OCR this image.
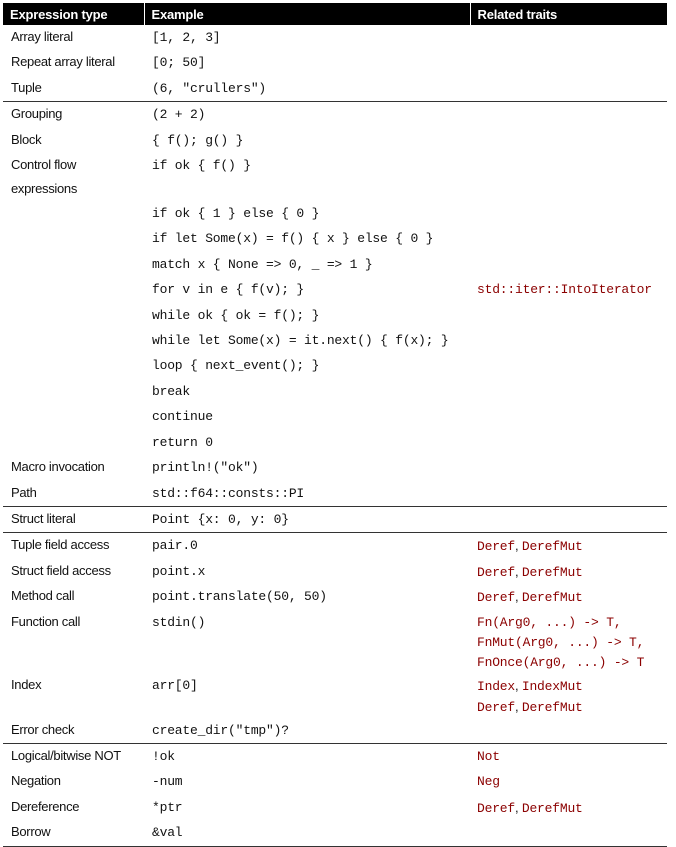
Expression type	Example	Related traits
Array literal	[1, 2, 3]	
Repeat array literal	[0; 50]	
Tuple	(6, "crullers")	
Grouping	(2 + 2)	
Block	{ f(); g() }	
Control flow expressions	if ok { f() }	
	if ok { 1 } else { 0 }	
	if let Some(x) = f() { x } else { 0 }	
	match x { None => 0, _ => 1 }	
	for v in e { f(v); }	std::iter::IntoIterator

	while ok { ok = f(); }	
	while let Some(x) = it.next() { f(x); }	
	loop { next_event(); }	
	break	
	continue	
	return 0	
Macro invocation	println!("ok")	
Path	std::f64::consts::PI	
Struct literal	Point {x: 0, y: 0}	
Tuple field access	pair.0	Deref, DerefMut

Struct field access	point.x	Deref, DerefMut

Method call	point.translate(50, 50)	Deref, DerefMut

Function call	stdin()	Fn(Arg0, ...) -> T,
FnMut(Arg0, ...) -> T,
FnOnce(Arg0, ...) -> T

Index	arr[0]	Index, IndexMut
Deref, DerefMut

Error check	create_dir("tmp")?	
Logical/bitwise NOT	!ok	Not

Negation	-num	Neg

Dereference	*ptr	Deref, DerefMut

Borrow	&val	
